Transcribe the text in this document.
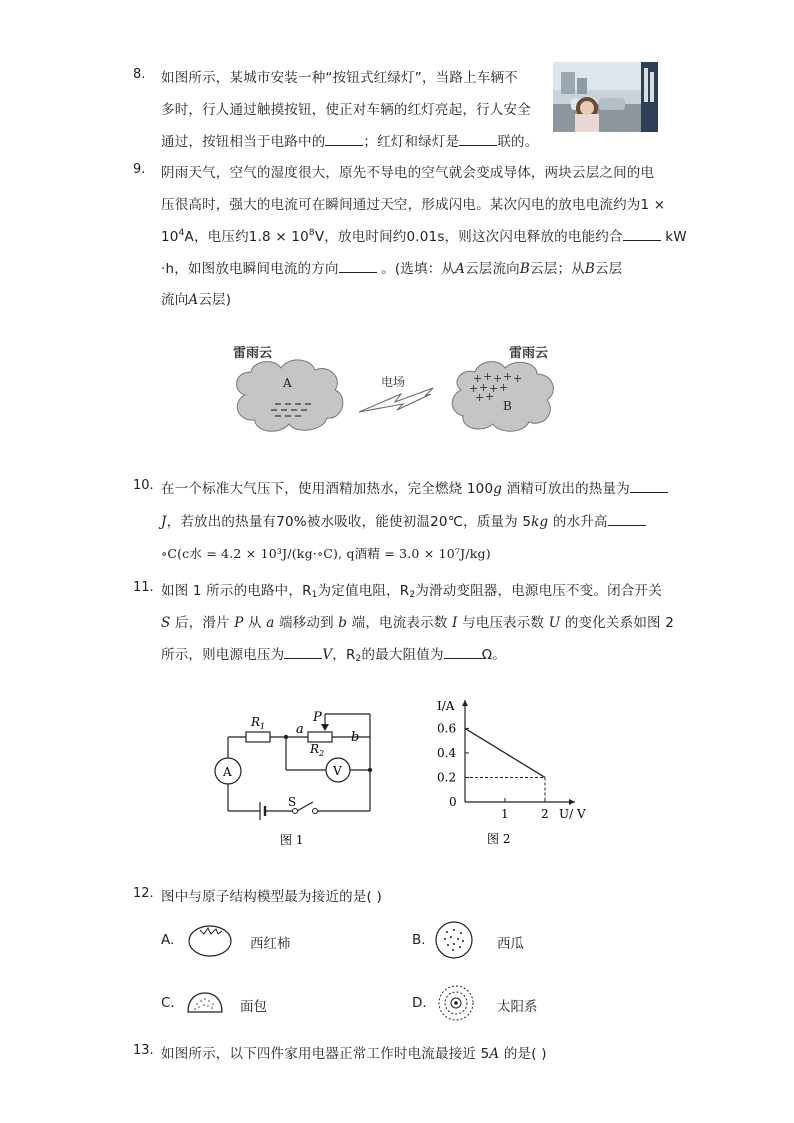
8. 如图所示，某城市安装一种“按钮式红绿灯”，当路上车辆不
多时，行人通过触摸按钮，使正对车辆的红灯亮起，行人安全
通过，按钮相当于电路中的	；红灯和绿灯是	联的。
9. 阴雨天气，空气的湿度很大，原先不导电的空气就会变成导体，两块云层之间的电
压很高时，强大的电流可在瞬间通过天空，形成闪电。某次闪电的放电电流约为1 ×
$10^4A$，电压约$1.8 \times 10^8V$，放电时间约0.01s，则这次闪电释放的电能约合	kW
·h，如图放电瞬间电流的方向	。(选填：从A云层流向B云层；从B云层
流向A云层)
雷雨云
A	电场
雷雨云
+ + + + +
+ + + +
+ +
B
10. 在一个标准大气压下，使用酒精加热水，完全燃烧 100g 酒精可放出的热量为
J，若放出的热量有70%被水吸收，能使初温20℃，质量为 5kg 的水升高
∘C(c水 = 4.2 × 10³J/(kg·∘C), q酒精 = 3.0 × 10⁷J/kg)
11. 如图 1 所示的电路中，$R_1$为定值电阻，$R_2$为滑动变阻器，电源电压不变。闭合开关
S 后，滑片 P 从 a 端移动到 b 端，电流表示数 I 与电压表示数 U 的变化关系如图 2
所示，则电源电压为	V，$R_2$的最大阻值为	Ω。
A	V
$R_1$
$R_2$
a
b
P
S
图 1
I/A
U/ V
0
0.2
0.4
0.6
1	2
图 2
12. 图中与原子结构模型最为接近的是( )
A.	西红柿	B.	西瓜
C.	面包	D.	太阳系
13. 如图所示，以下四件家用电器正常工作时电流最接近 5A 的是( )
